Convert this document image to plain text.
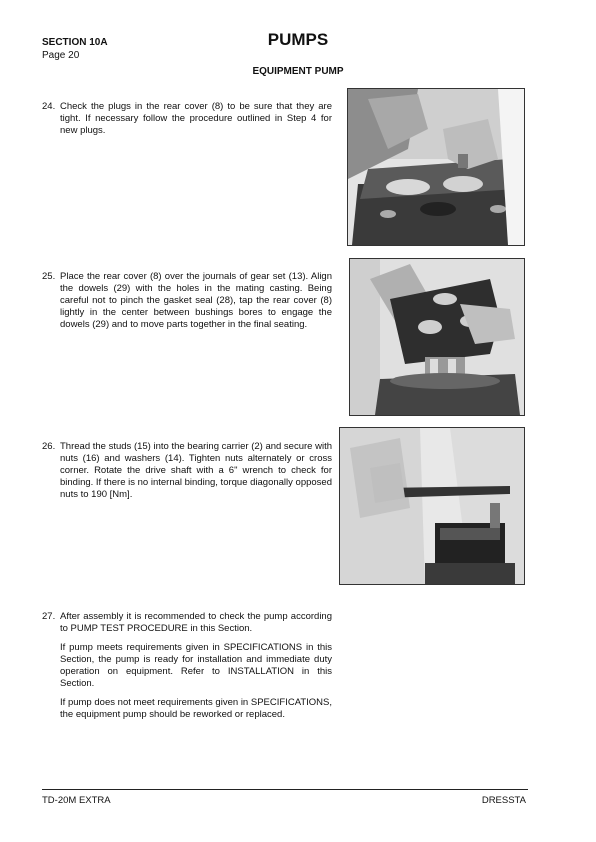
SECTION 10A
Page 20
PUMPS
EQUIPMENT PUMP
24. Check the plugs in the rear cover (8) to be sure that they are tight. If necessary follow the procedure outlined in Step 4 for new plugs.

25. Place the rear cover (8) over the journals of gear set (13). Align the dowels (29) with the holes in the mating casting. Being careful not to pinch the gasket seal (28), tap the rear cover (8) lightly in the center between bushings bores to engage the dowels (29) and to move parts together in the final seating.

26. Thread the studs (15) into the bearing carrier (2) and secure with nuts (16) and washers (14). Tighten nuts alternately or cross corner. Rotate the drive shaft with a 6" wrench to check for binding. If there is no internal binding, torque diagonally opposed nuts to 190 [Nm].

27. After assembly it is recommended to check the pump according to PUMP TEST PROCEDURE in this Section.

If pump meets requirements given in SPECIFICATIONS in this Section, the pump is ready for installation and immediate duty operation on equipment. Refer to INSTALLATION in this Section.

If pump does not meet requirements given in SPECIFICATIONS, the equipment pump should be reworked or replaced.

TD-20M EXTRA	DRESSTA
